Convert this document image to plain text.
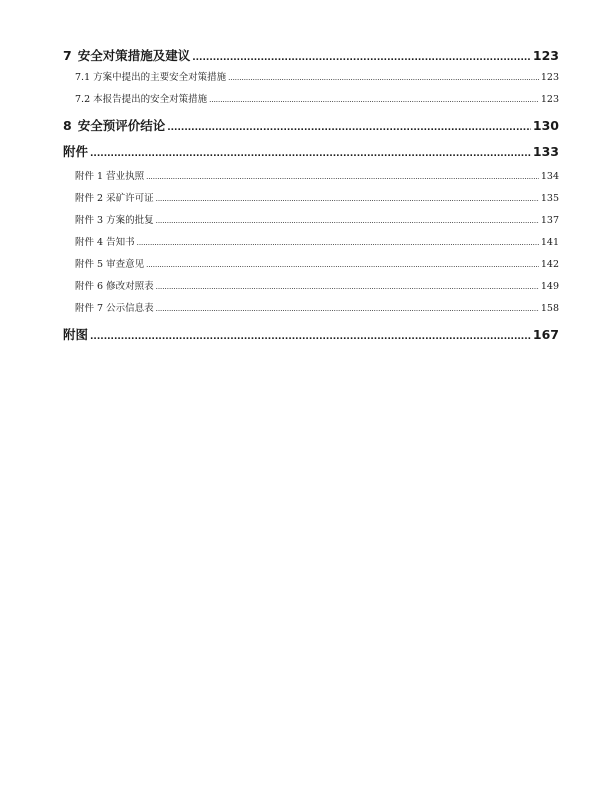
7 安全对策措施及建议 .....	123
7.1 方案中提出的主要安全对策措施 .....	123
7.2 本报告提出的安全对策措施 .....	123
8 安全预评价结论 .....	130
附件 .....	133
附件 1 营业执照 .....	134
附件 2 采矿许可证 .....	135
附件 3 方案的批复 .....	137
附件 4 告知书 .....	141
附件 5 审查意见 .....	142
附件 6 修改对照表 .....	149
附件 7 公示信息表 .....	158
附图 .....	167
